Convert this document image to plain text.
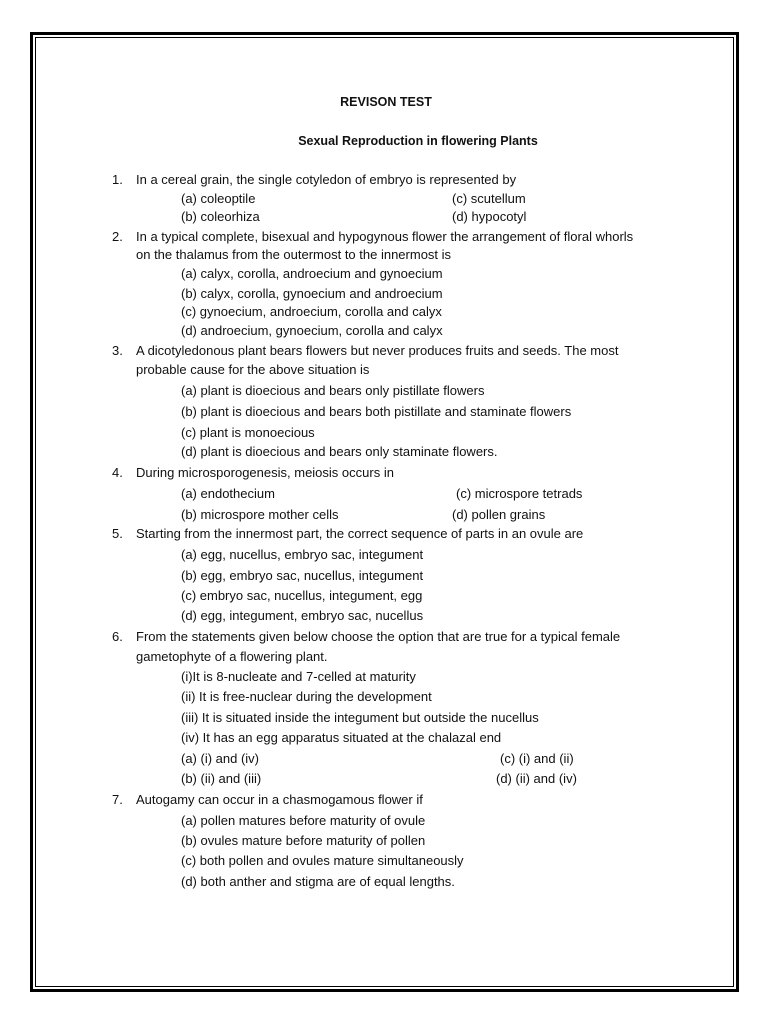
REVISON TEST
Sexual Reproduction in flowering Plants
1. In a cereal grain, the single cotyledon of embryo is represented by
(a) coleoptile	(c) scutellum
(b) coleorhiza	(d) hypocotyl
2. In a typical complete, bisexual and hypogynous flower the arrangement of floral whorls
on the thalamus from the outermost to the innermost is
(a) calyx, corolla, androecium and gynoecium
(b) calyx, corolla, gynoecium and androecium
(c) gynoecium, androecium, corolla and calyx
(d) androecium, gynoecium, corolla and calyx
3. A dicotyledonous plant bears flowers but never produces fruits and seeds. The most
probable cause for the above situation is
(a) plant is dioecious and bears only pistillate flowers
(b) plant is dioecious and bears both pistillate and staminate flowers
(c) plant is monoecious
(d) plant is dioecious and bears only staminate flowers.
4. During microsporogenesis, meiosis occurs in
(a) endothecium	(c) microspore tetrads
(b) microspore mother cells	(d) pollen grains
5. Starting from the innermost part, the correct sequence of parts in an ovule are
(a) egg, nucellus, embryo sac, integument
(b) egg, embryo sac, nucellus, integument
(c) embryo sac, nucellus, integument, egg
(d) egg, integument, embryo sac, nucellus
6. From the statements given below choose the option that are true for a typical female
gametophyte of a flowering plant.
(i)It is 8-nucleate and 7-celled at maturity
(ii) It is free-nuclear during the development
(iii) It is situated inside the integument but outside the nucellus
(iv) It has an egg apparatus situated at the chalazal end
(a) (i) and (iv)	(c) (i) and (ii)
(b) (ii) and (iii)	(d) (ii) and (iv)
7. Autogamy can occur in a chasmogamous flower if
(a) pollen matures before maturity of ovule
(b) ovules mature before maturity of pollen
(c) both pollen and ovules mature simultaneously
(d) both anther and stigma are of equal lengths.
